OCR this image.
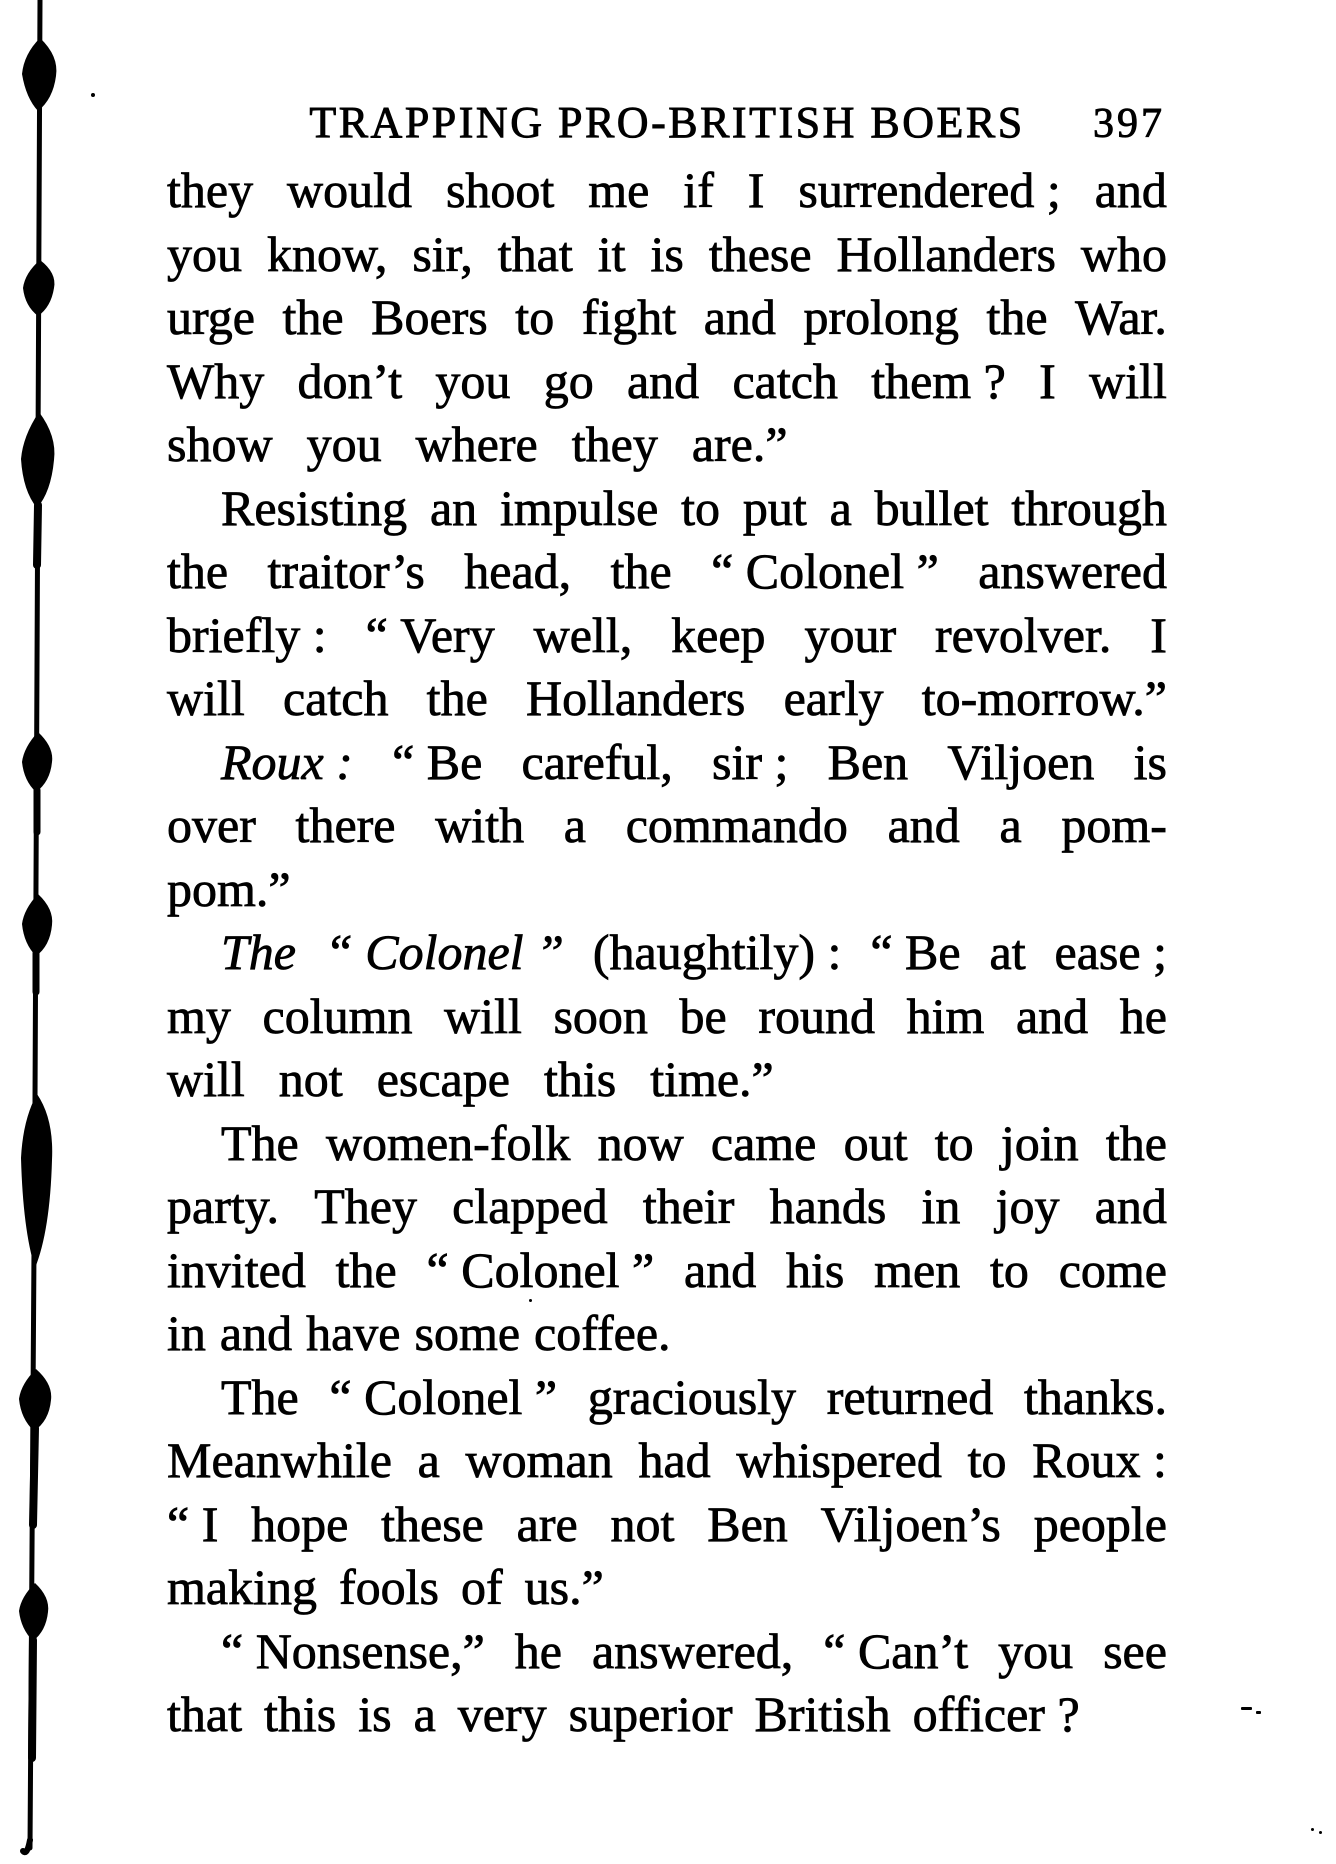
TRAPPING PRO-BRITISH BOERS 397
they would shoot me if I surrendered ; and
you know, sir, that it is these Hollanders who
urge the Boers to fight and prolong the War.
Why don’t you go and catch them ? I will
show you where they are.”
Resisting an impulse to put a bullet through
the traitor’s head, the “ Colonel ” answered
briefly : “ Very well, keep your revolver. I
will catch the Hollanders early to-morrow.”
Roux : “ Be careful, sir ; Ben Viljoen is
over there with a commando and a pom-
pom.”
The “ Colonel ” (haughtily) : “ Be at ease ;
my column will soon be round him and he
will not escape this time.”
The women-folk now came out to join the
party. They clapped their hands in joy and
invited the “ Colonel ” and his men to come
in and have some coffee.
The “ Colonel ” graciously returned thanks.
Meanwhile a woman had whispered to Roux :
“ I hope these are not Ben Viljoen’s people
making fools of us.”
“ Nonsense,” he answered, “ Can’t you see
that this is a very superior British officer ?
